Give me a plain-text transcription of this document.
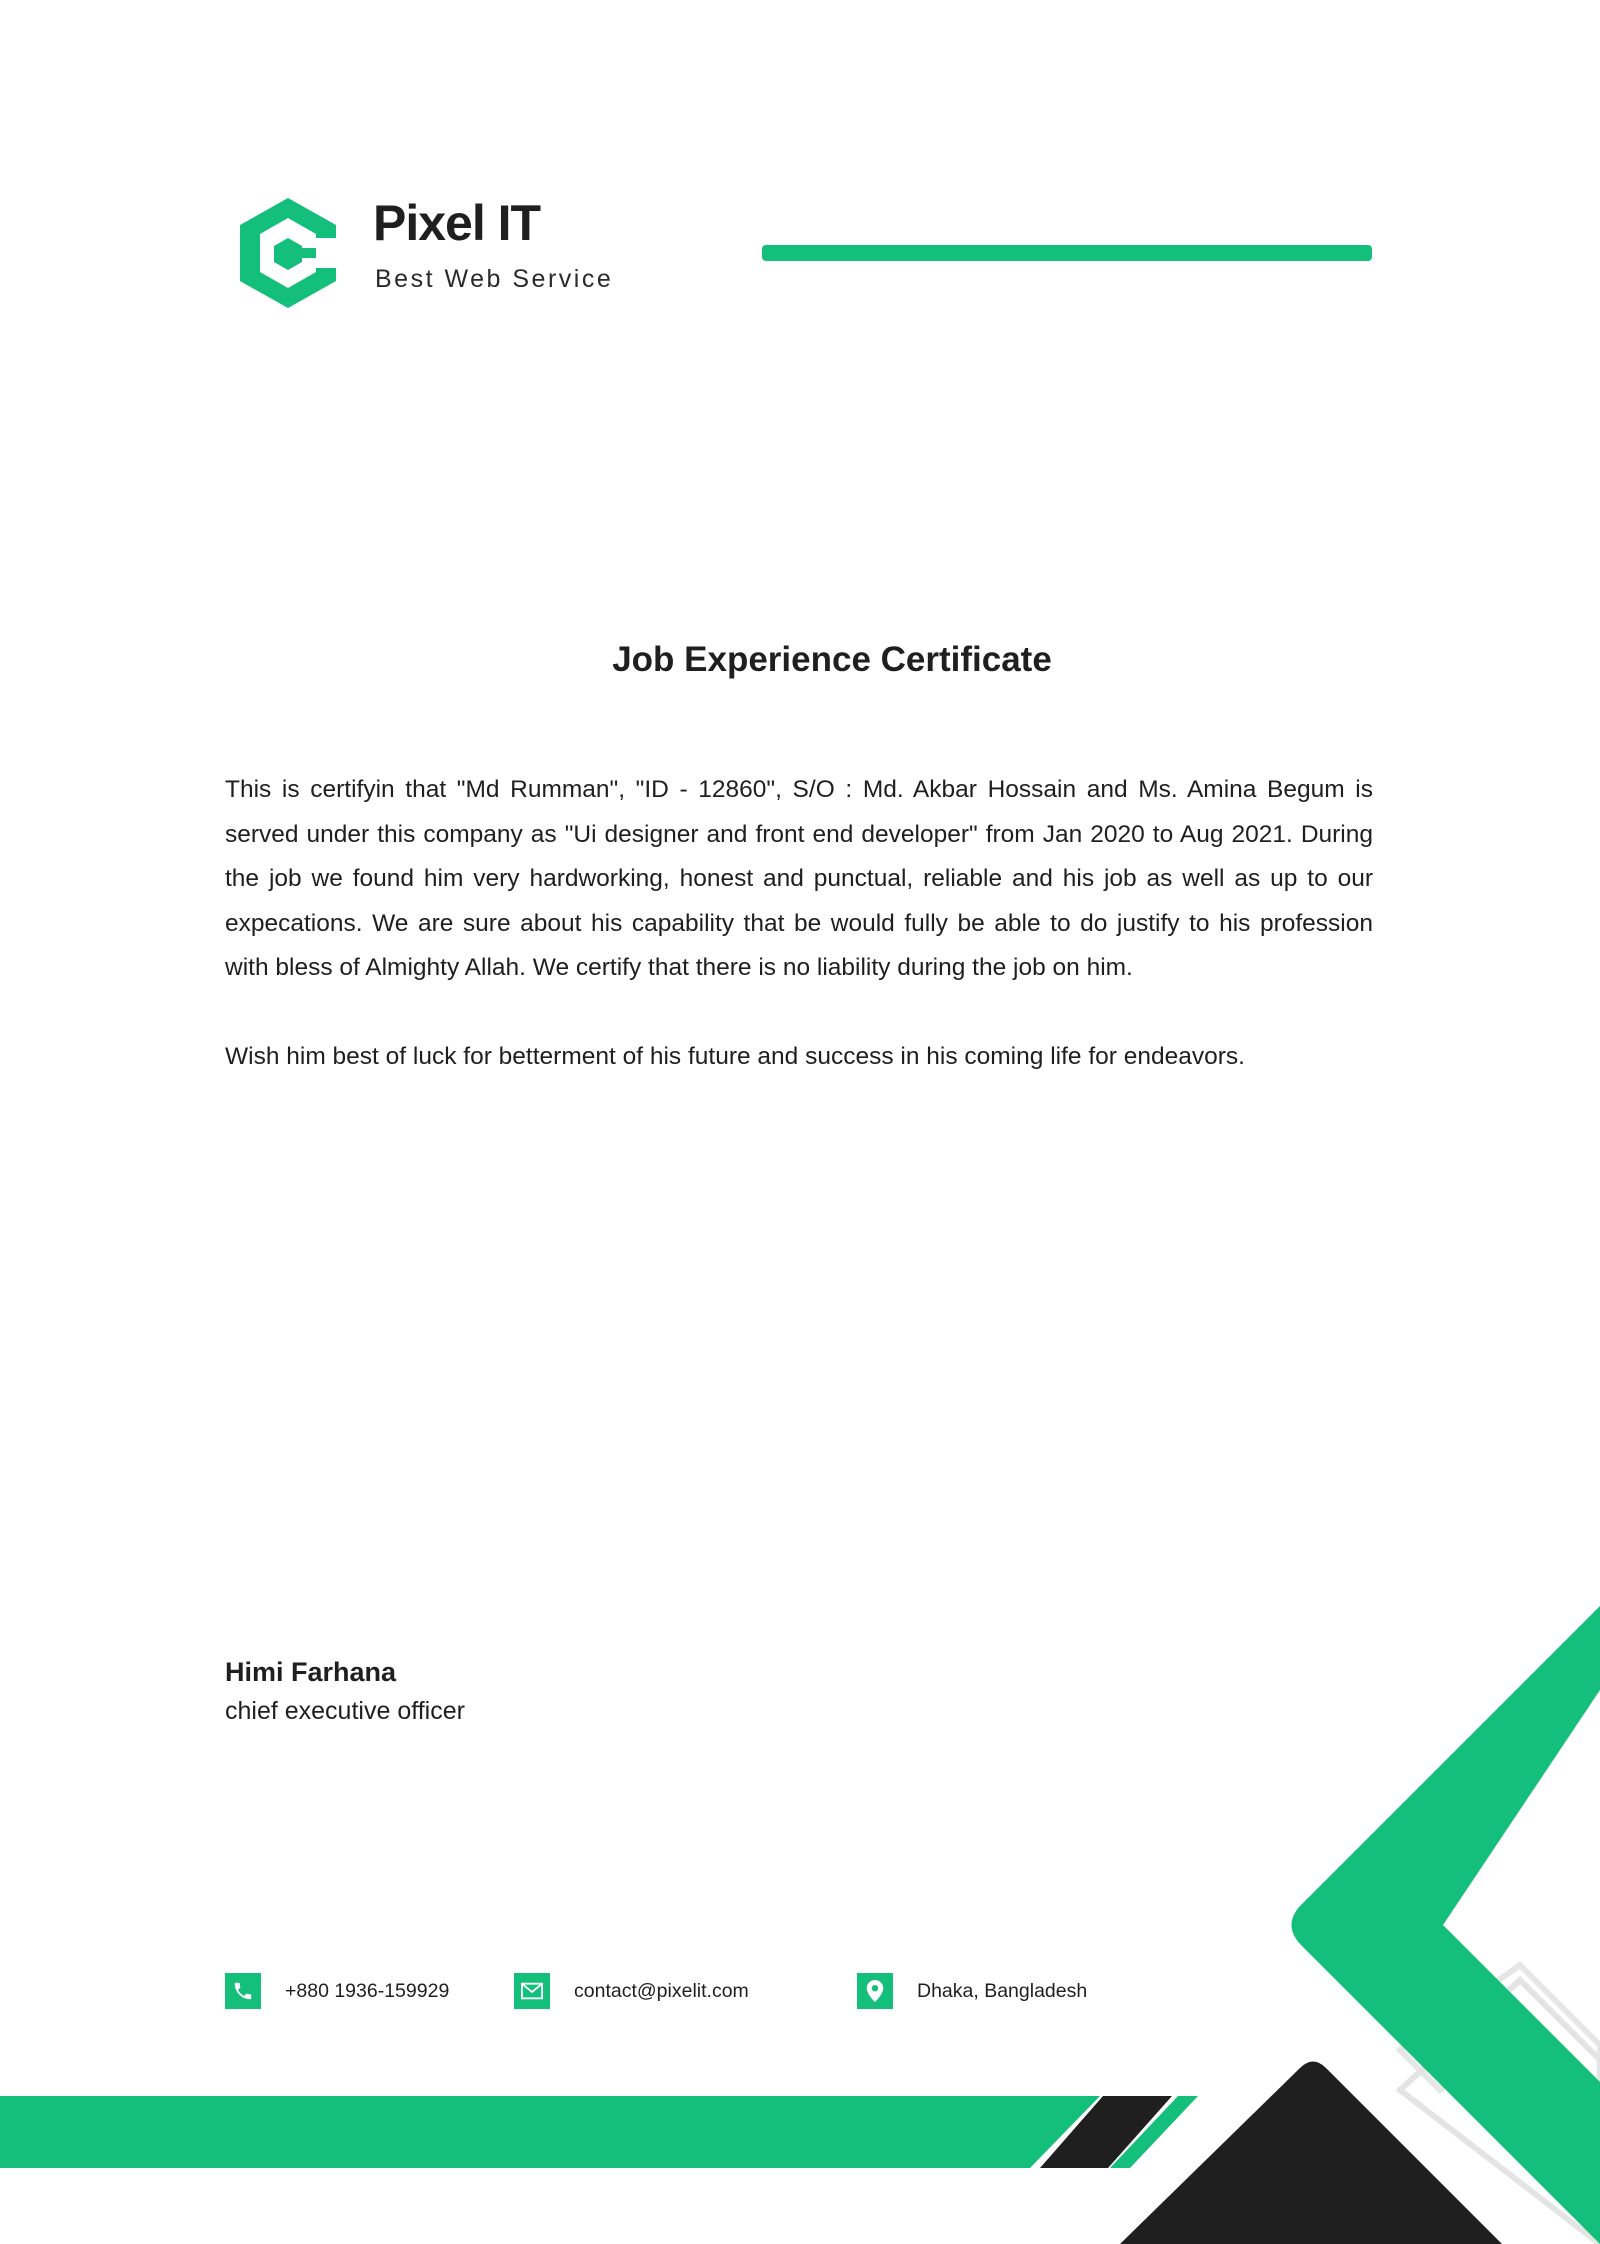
Pixel IT
Best Web Service
Job Experience Certificate

This is certifyin that "Md Rumman", "ID - 12860", S/O : Md. Akbar Hossain and Ms. Amina Begum is served under this company as "Ui designer and front end developer" from Jan 2020 to Aug 2021. During the job we found him very hardworking, honest and punctual, reliable and his job as well as up to our expecations. We are sure about his capability that be would fully be able to do justify to his profession with bless of Almighty Allah. We certify that there is no liability during the job on him.

Wish him best of luck for betterment of his future and success in his coming life for endeavors.

Himi Farhana
chief executive officer
+880 1936-159929	contact@pixelit.com	Dhaka, Bangladesh
